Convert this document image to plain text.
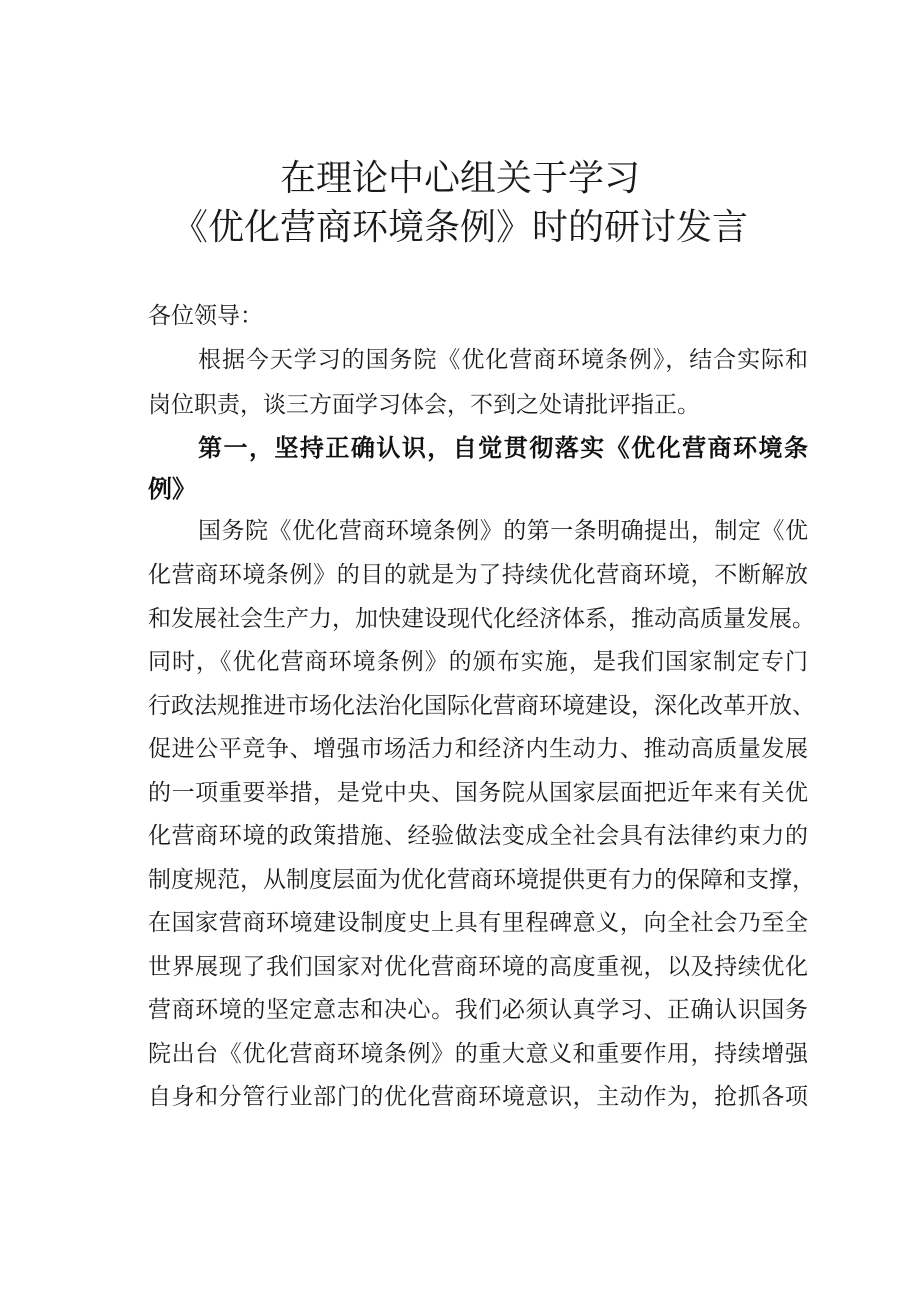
在理论中心组关于学习
《优化营商环境条例》时的研讨发言
各位领导：
根据今天学习的国务院《优化营商环境条例》，结合实际和
岗位职责，谈三方面学习体会，不到之处请批评指正。
第一，坚持正确认识，自觉贯彻落实《优化营商环境条
例》
国务院《优化营商环境条例》的第一条明确提出，制定《优
化营商环境条例》的目的就是为了持续优化营商环境，不断解放
和发展社会生产力，加快建设现代化经济体系，推动高质量发展。
同时，《优化营商环境条例》的颁布实施，是我们国家制定专门
行政法规推进市场化法治化国际化营商环境建设，深化改革开放、
促进公平竞争、增强市场活力和经济内生动力、推动高质量发展
的一项重要举措，是党中央、国务院从国家层面把近年来有关优
化营商环境的政策措施、经验做法变成全社会具有法律约束力的
制度规范，从制度层面为优化营商环境提供更有力的保障和支撑，
在国家营商环境建设制度史上具有里程碑意义，向全社会乃至全
世界展现了我们国家对优化营商环境的高度重视，以及持续优化
营商环境的坚定意志和决心。我们必须认真学习、正确认识国务
院出台《优化营商环境条例》的重大意义和重要作用，持续增强
自身和分管行业部门的优化营商环境意识，主动作为，抢抓各项
